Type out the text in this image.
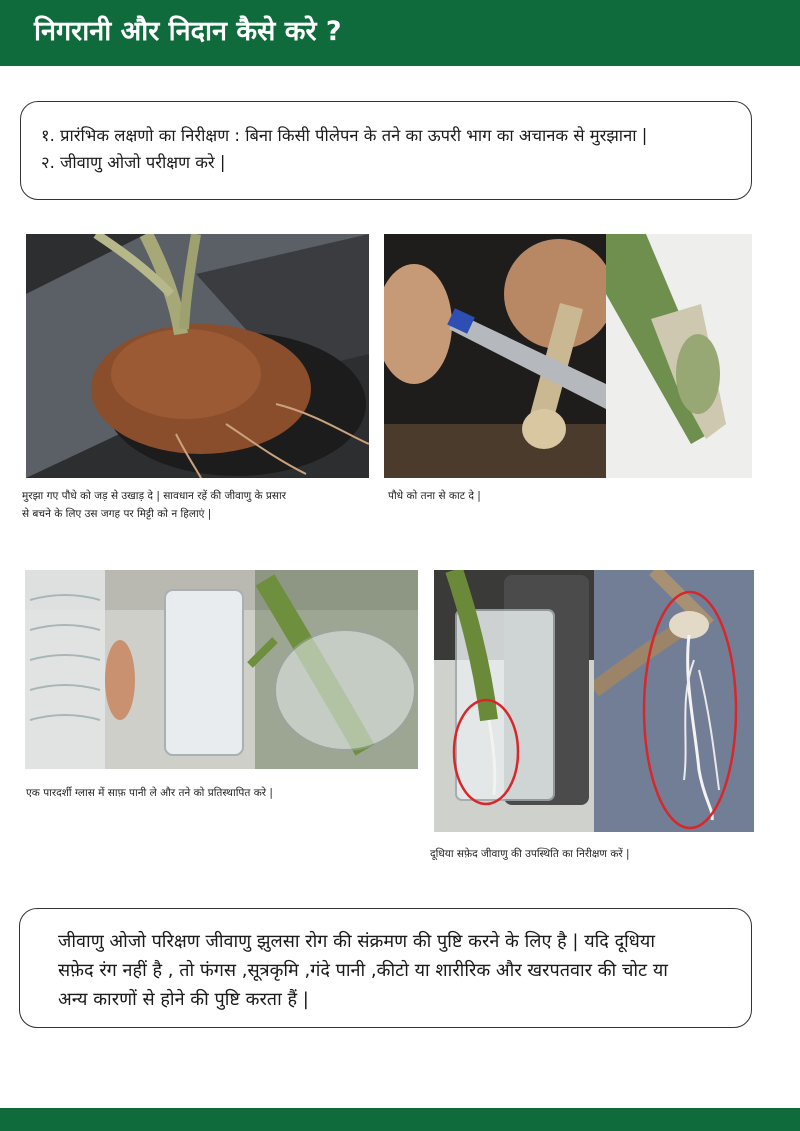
निगरानी और निदान कैसे करे ?
१. प्रारंभिक लक्षणो का निरीक्षण : बिना किसी पीलेपन के तने का ऊपरी भाग का अचानक से मुरझाना |
२. जीवाणु ओजो परीक्षण करे |
मुरझा गए पौधे को जड़ से उखाड़ दे | सावधान रहें की जीवाणु के प्रसार
से बचने के लिए उस जगह पर मिट्टी को न हिलाएं |
पौधे को तना से काट दे |
एक पारदर्शी ग्लास में साफ़ पानी ले और तने को प्रतिस्थापित करे |
दूधिया सफ़ेद जीवाणु की उपस्थिति का निरीक्षण करें |
जीवाणु ओजो परिक्षण जीवाणु झुलसा रोग की संक्रमण की पुष्टि करने के लिए है | यदि दूधिया
सफ़ेद रंग नहीं है , तो फंगस ,सूत्रकृमि ,गंदे पानी ,कीटो या शारीरिक और खरपतवार की चोट या
अन्य कारणों से होने की पुष्टि करता हैं |
